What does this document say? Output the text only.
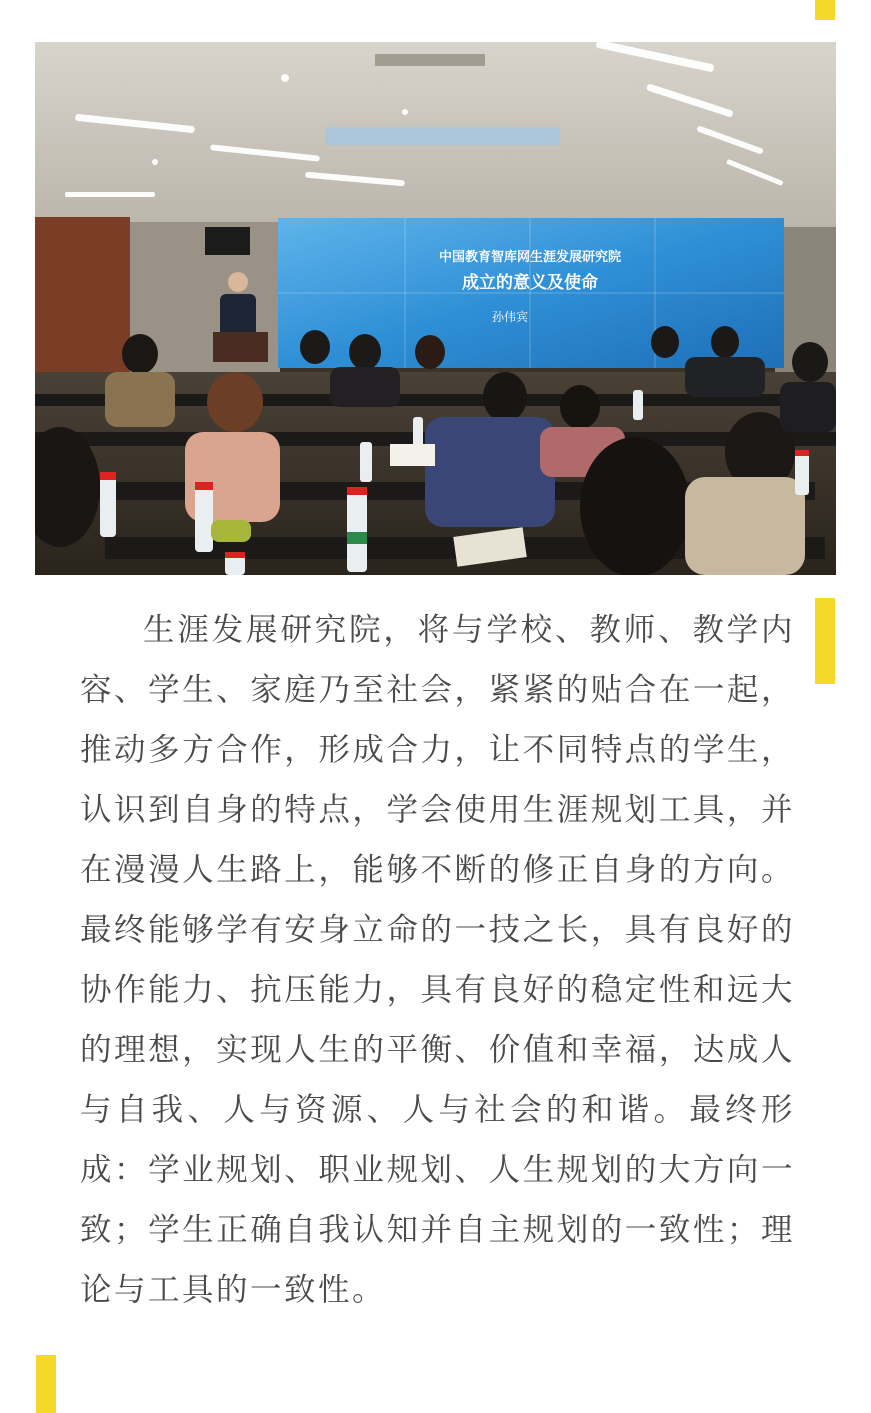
中国教育智库网生涯发展研究院
成立的意义及使命
孙伟宾

生涯发展研究院，将与学校、教师、教学内容、学生、家庭乃至社会，紧紧的贴合在一起，推动多方合作，形成合力，让不同特点的学生，认识到自身的特点，学会使用生涯规划工具，并在漫漫人生路上，能够不断的修正自身的方向。最终能够学有安身立命的一技之长，具有良好的协作能力、抗压能力，具有良好的稳定性和远大的理想，实现人生的平衡、价值和幸福，达成人与自我、人与资源、人与社会的和谐。最终形成：学业规划、职业规划、人生规划的大方向一致；学生正确自我认知并自主规划的一致性；理论与工具的一致性。
